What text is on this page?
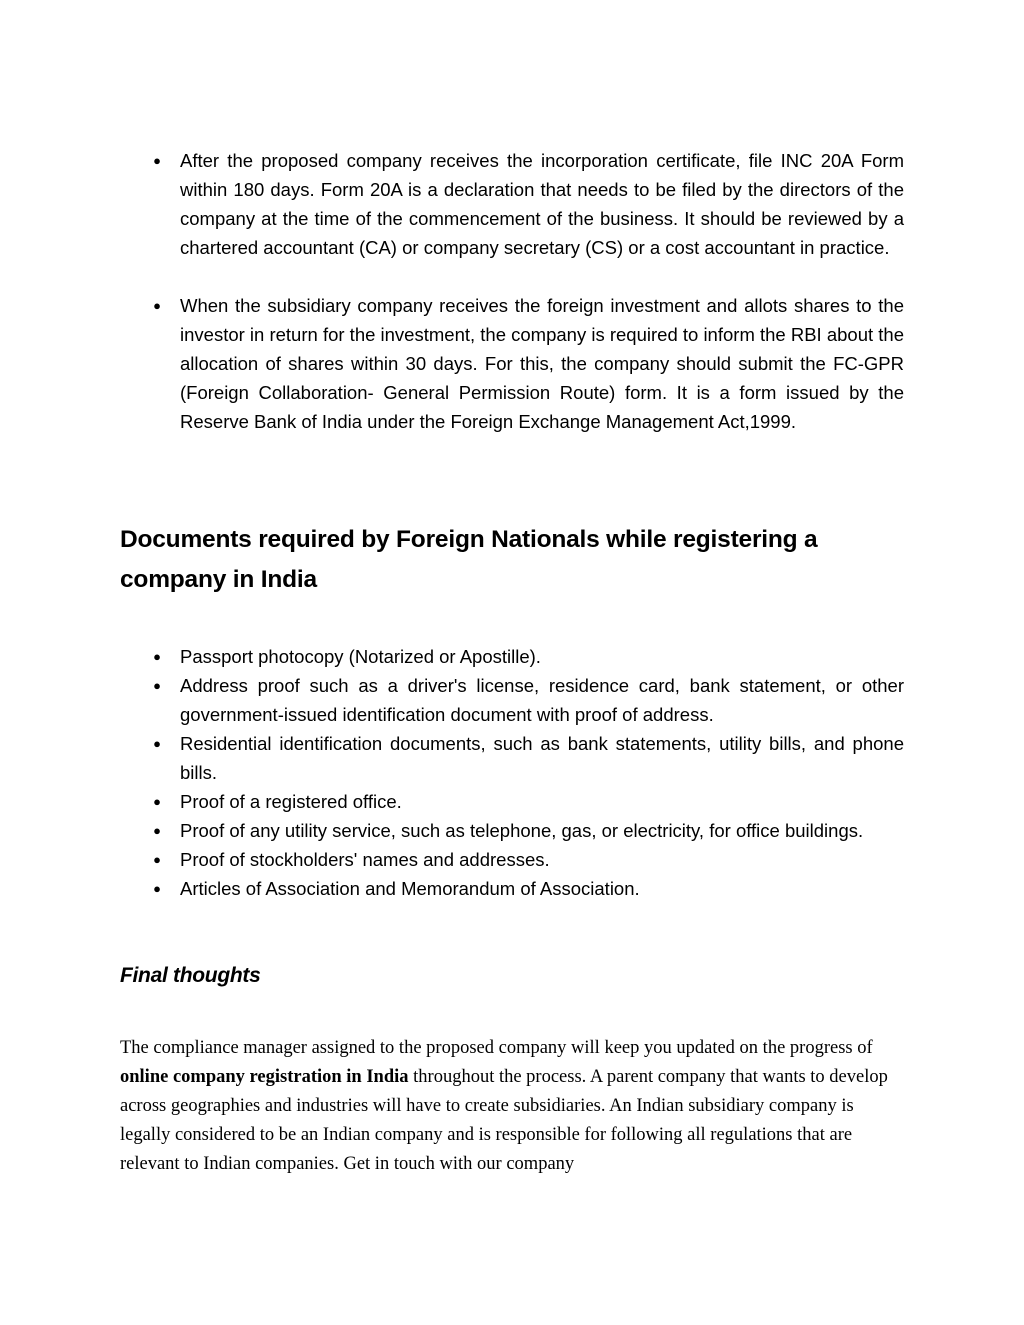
● After the proposed company receives the incorporation certificate, file INC 20A Form within 180 days. Form 20A is a declaration that needs to be filed by the directors of the company at the time of the commencement of the business. It should be reviewed by a chartered accountant (CA) or company secretary (CS) or a cost accountant in practice.
● When the subsidiary company receives the foreign investment and allots shares to the investor in return for the investment, the company is required to inform the RBI about the allocation of shares within 30 days. For this, the company should submit the FC-GPR (Foreign Collaboration- General Permission Route) form. It is a form issued by the Reserve Bank of India under the Foreign Exchange Management Act,1999.
Documents required by Foreign Nationals while registering a company in India
● Passport photocopy (Notarized or Apostille).
● Address proof such as a driver's license, residence card, bank statement, or other government-issued identification document with proof of address.
● Residential identification documents, such as bank statements, utility bills, and phone bills.
● Proof of a registered office.
● Proof of any utility service, such as telephone, gas, or electricity, for office buildings.
● Proof of stockholders' names and addresses.
● Articles of Association and Memorandum of Association.
Final thoughts

The compliance manager assigned to the proposed company will keep you updated on the progress of online company registration in India throughout the process. A parent company that wants to develop across geographies and industries will have to create subsidiaries. An Indian subsidiary company is legally considered to be an Indian company and is responsible for following all regulations that are relevant to Indian companies. Get in touch with our company
